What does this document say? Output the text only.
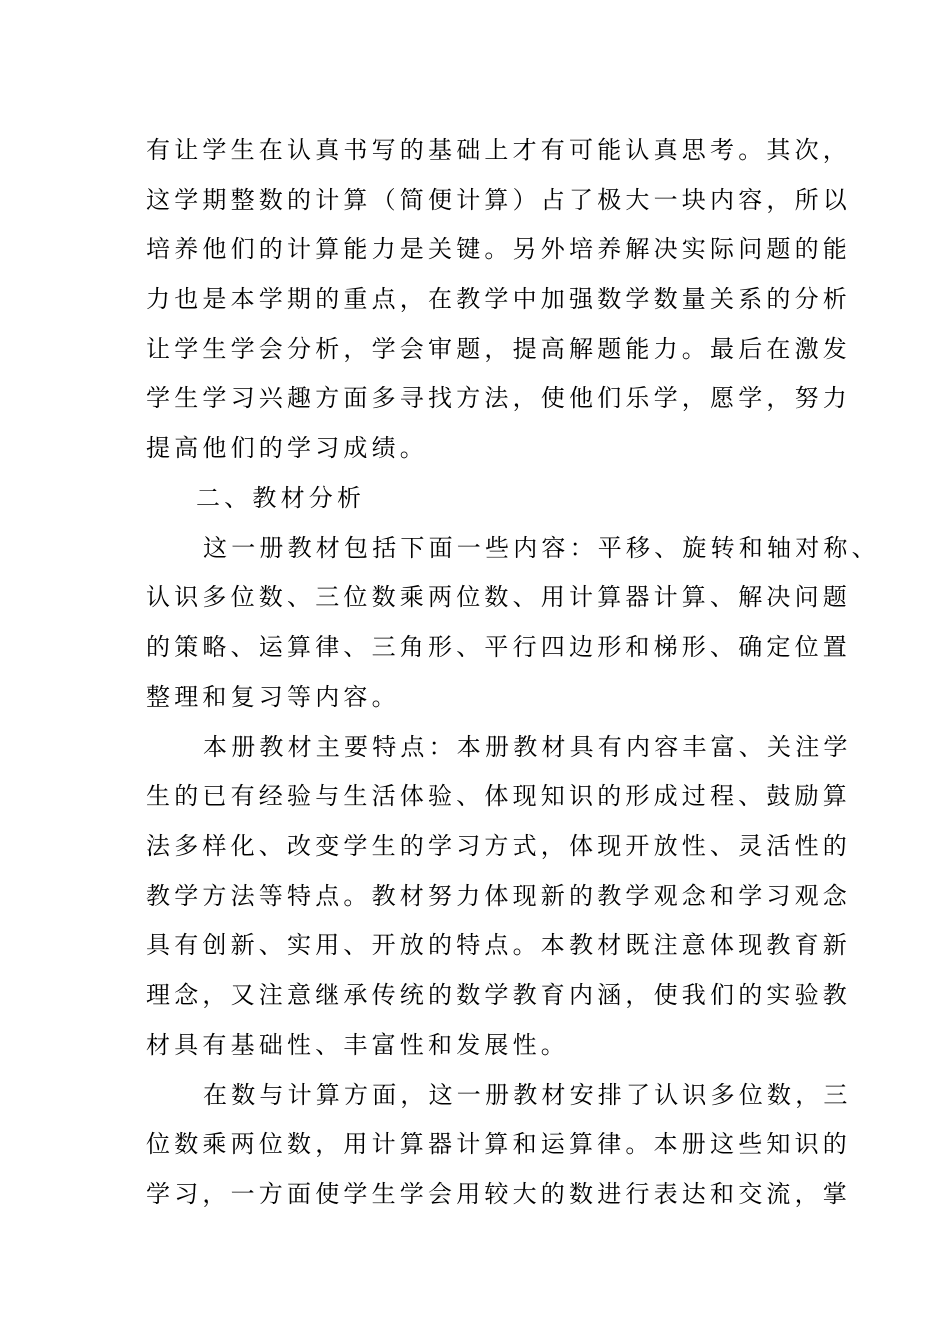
有让学生在认真书写的基础上才有可能认真思考。其次，
这学期整数的计算（简便计算）占了极大一块内容，所以
培养他们的计算能力是关键。另外培养解决实际问题的能
力也是本学期的重点，在教学中加强数学数量关系的分析
让学生学会分析，学会审题，提高解题能力。最后在激发
学生学习兴趣方面多寻找方法，使他们乐学，愿学，努力
提高他们的学习成绩。
二、教材分析
这一册教材包括下面一些内容：平移、旋转和轴对称、
认识多位数、三位数乘两位数、用计算器计算、解决问题
的策略、运算律、三角形、平行四边形和梯形、确定位置
整理和复习等内容。
本册教材主要特点：本册教材具有内容丰富、关注学
生的已有经验与生活体验、体现知识的形成过程、鼓励算
法多样化、改变学生的学习方式，体现开放性、灵活性的
教学方法等特点。教材努力体现新的教学观念和学习观念
具有创新、实用、开放的特点。本教材既注意体现教育新
理念，又注意继承传统的数学教育内涵，使我们的实验教
材具有基础性、丰富性和发展性。
在数与计算方面，这一册教材安排了认识多位数，三
位数乘两位数，用计算器计算和运算律。本册这些知识的
学习，一方面使学生学会用较大的数进行表达和交流，掌
